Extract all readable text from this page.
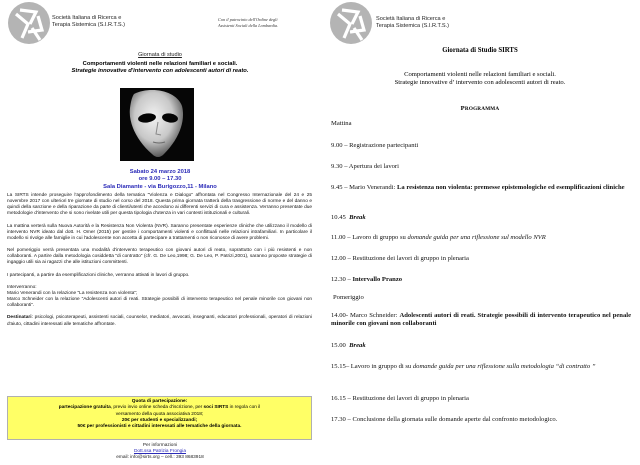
Società Italiana di Ricerca e
Terapia Sistemica (S.I.R.T.S.)
Con il patrocinio dell'Ordine degli
Assistenti Sociali della Lombardia.
Giornata di studio
Comportamenti violenti nelle relazioni familiari e sociali.
Strategie innovative d'intervento con adolescenti autori di reato.
Sabato 24 marzo 2018
ore 9.00 – 17.30
Sala Diamante - via Burigozzo,11 - Milano

La SIRTS intende proseguire l'approfondimento della tematica "Violenza e Dialogo" affrontata nel Congresso Internazionale del 24 e 25 novembre 2017 con ulteriori tre giornate di studio nel corso del 2018. Questa prima giornata tratterà della trasgressione di norme e del danno e quindi della sanzione e della riparazione da parte di clienti/utenti che accedono ai differenti servizi di cura e assistenza. Verranno presentate due metodologie d'intervento che si sono rivelate utili per questa tipologia d'utenza in vari contesti istituzionali e culturali.

La mattina verterà sulla Nuova Autorità e la Resistenza Non Violenta (NVR). Saranno presentate esperienze cliniche che utilizzano il modello di intervento NVR ideato dal dott. H. Omer (2015) per gestire i comportamenti violenti e conflittuali nelle relazioni intrafamiliari. In particolare il modello si rivolge alle famiglie in cui l'adolescente non accetta di partecipare a trattamenti o non riconosce di avere problemi.

Nel pomeriggio verrà presentata una modalità d'intervento terapeutico con giovani autori di reato, soprattutto con i più resistenti e non collaboranti. A partire dalla metodologia cosiddetta "di contratto" (cfr. G. De Leo,1998; G. De Leo, P. Patrizi,2001), saranno proposte strategie di ingaggio utili sia ai ragazzi che alle istituzioni committenti.

I partecipanti, a partire da esemplificazioni cliniche, verranno attivati in lavori di gruppo.

Interverranno:
Mario Venerandi con la relazione "La resistenza non violenta";
Marco Schneider con la relazione "Adolescenti autori di reati. Strategie possibili di intervento terapeutico nel penale minorile con giovani non collaboranti".

Destinatari: psicologi, psicoterapeuti, assistenti sociali, counselor, mediatori, avvocati, insegnanti, educatori professionali, operatori di relazioni d'aiuto, cittadini interessati alle tematiche affrontate.

Quota di partecipazione:
partecipazione gratuita, previo invio online scheda d'iscrizione, per soci SIRTS in regola con il
versamento della quota associativa 2018;
20€ per studenti e specializzandi;
50€ per professionisti e cittadini interessati alle tematiche della giornata.
Per informazioni
Dott.ssa Patrizia Frongia
email: info@sirts.org – cell.: 393 8683918
Società Italiana di Ricerca e
Terapia Sistemica (S.I.R.T.S.)
Giornata di Studio SIRTS
Comportamenti violenti nelle relazioni familiari e sociali.
Strategie innovative d’ intervento con adolescenti autori di reato.
PROGRAMMA
Mattina
9.00 – Registrazione partecipanti
9.30 – Apertura dei lavori
9.45 – Mario Venerandi: La resistenza non violenta: premesse epistemologiche ed esemplificazioni cliniche
10.45  Break
11.00 – Lavoro di gruppo su domande guida per una riflessione sul modello NVR
12.00 – Restituzione dei lavori di gruppo in plenaria
12.30 – Intervallo Pranzo
Pomeriggio
14.00- Marco Schneider: Adolescenti autori di reati. Strategie possibili di intervento terapeutico nel penale minorile con giovani non collaboranti
15.00  Break
15.15– Lavoro in gruppo di su domande guida per una riflessione sulla metodologia “di contratto ”
16.15 – Restituzione dei lavori di gruppo in plenaria
17.30 – Conclusione della giornata sulle domande aperte dal confronto metodologico.
